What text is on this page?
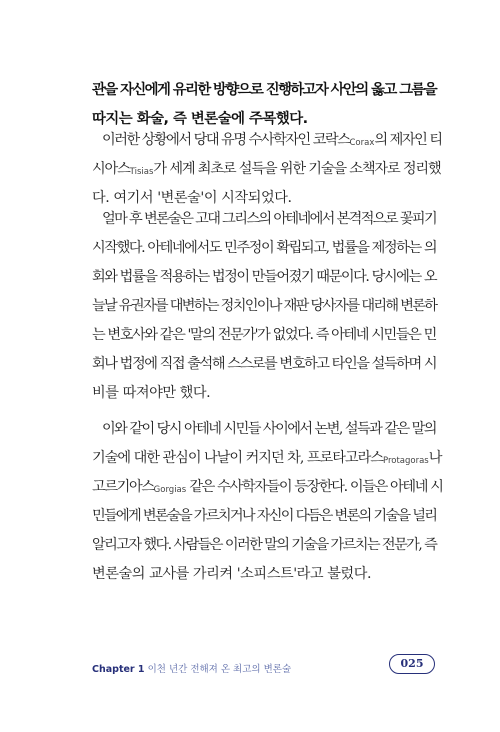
관을 자신에게 유리한 방향으로 진행하고자 사안의 옳고 그름을
따지는 화술, 즉 변론술에 주목했다.
이러한 상황에서 당대 유명 수사학자인 코락스Corax의 제자인 티
시아스Tisias가 세계 최초로 설득을 위한 기술을 소책자로 정리했
다. 여기서 '변론술'이 시작되었다.
얼마 후 변론술은 고대 그리스의 아테네에서 본격적으로 꽃피기
시작했다. 아테네에서도 민주정이 확립되고, 법률을 제정하는 의
회와 법률을 적용하는 법정이 만들어졌기 때문이다. 당시에는 오
늘날 유권자를 대변하는 정치인이나 재판 당사자를 대리해 변론하
는 변호사와 같은 '말의 전문가'가 없었다. 즉 아테네 시민들은 민
회나 법정에 직접 출석해 스스로를 변호하고 타인을 설득하며 시
비를 따져야만 했다.
이와 같이 당시 아테네 시민들 사이에서 논변, 설득과 같은 말의
기술에 대한 관심이 나날이 커지던 차, 프로타고라스Protagoras나
고르기아스Gorgias 같은 수사학자들이 등장한다. 이들은 아테네 시
민들에게 변론술을 가르치거나 자신이 다듬은 변론의 기술을 널리
알리고자 했다. 사람들은 이러한 말의 기술을 가르치는 전문가, 즉
변론술의 교사를 가리켜 '소피스트'라고 불렀다.
Chapter 1 이천 년간 전해져 온 최고의 변론술	025
